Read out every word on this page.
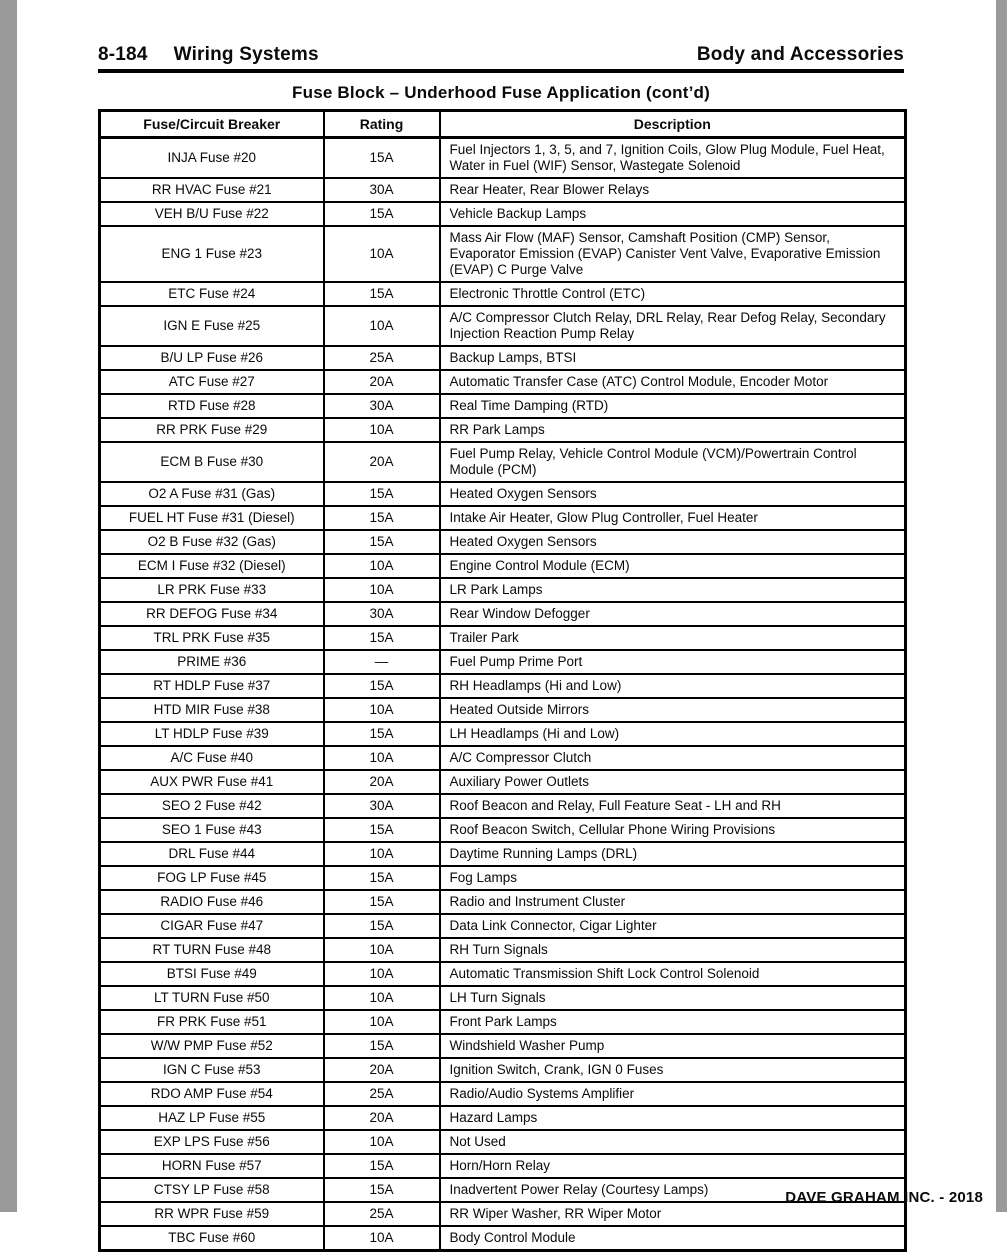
8-184 Wiring Systems	Body and Accessories
Fuse Block – Underhood Fuse Application (cont’d)
Fuse/Circuit Breaker	Rating	Description
INJA Fuse #20	15A	Fuel Injectors 1, 3, 5, and 7, Ignition Coils, Glow Plug Module, Fuel Heat, Water in Fuel (WIF) Sensor, Wastegate Solenoid
RR HVAC Fuse #21	30A	Rear Heater, Rear Blower Relays
VEH B/U Fuse #22	15A	Vehicle Backup Lamps
ENG 1 Fuse #23	10A	Mass Air Flow (MAF) Sensor, Camshaft Position (CMP) Sensor, Evaporator Emission (EVAP) Canister Vent Valve, Evaporative Emission (EVAP) C Purge Valve
ETC Fuse #24	15A	Electronic Throttle Control (ETC)
IGN E Fuse #25	10A	A/C Compressor Clutch Relay, DRL Relay, Rear Defog Relay, Secondary Injection Reaction Pump Relay
B/U LP Fuse #26	25A	Backup Lamps, BTSI
ATC Fuse #27	20A	Automatic Transfer Case (ATC) Control Module, Encoder Motor
RTD Fuse #28	30A	Real Time Damping (RTD)
RR PRK Fuse #29	10A	RR Park Lamps
ECM B Fuse #30	20A	Fuel Pump Relay, Vehicle Control Module (VCM)/Powertrain Control Module (PCM)
O2 A Fuse #31 (Gas)	15A	Heated Oxygen Sensors
FUEL HT Fuse #31 (Diesel)	15A	Intake Air Heater, Glow Plug Controller, Fuel Heater
O2 B Fuse #32 (Gas)	15A	Heated Oxygen Sensors
ECM I Fuse #32 (Diesel)	10A	Engine Control Module (ECM)
LR PRK Fuse #33	10A	LR Park Lamps
RR DEFOG Fuse #34	30A	Rear Window Defogger
TRL PRK Fuse #35	15A	Trailer Park
PRIME #36	—	Fuel Pump Prime Port
RT HDLP Fuse #37	15A	RH Headlamps (Hi and Low)
HTD MIR Fuse #38	10A	Heated Outside Mirrors
LT HDLP Fuse #39	15A	LH Headlamps (Hi and Low)
A/C Fuse #40	10A	A/C Compressor Clutch
AUX PWR Fuse #41	20A	Auxiliary Power Outlets
SEO 2 Fuse #42	30A	Roof Beacon and Relay, Full Feature Seat - LH and RH
SEO 1 Fuse #43	15A	Roof Beacon Switch, Cellular Phone Wiring Provisions
DRL Fuse #44	10A	Daytime Running Lamps (DRL)
FOG LP Fuse #45	15A	Fog Lamps
RADIO Fuse #46	15A	Radio and Instrument Cluster
CIGAR Fuse #47	15A	Data Link Connector, Cigar Lighter
RT TURN Fuse #48	10A	RH Turn Signals
BTSI Fuse #49	10A	Automatic Transmission Shift Lock Control Solenoid
LT TURN Fuse #50	10A	LH Turn Signals
FR PRK Fuse #51	10A	Front Park Lamps
W/W PMP Fuse #52	15A	Windshield Washer Pump
IGN C Fuse #53	20A	Ignition Switch, Crank, IGN 0 Fuses
RDO AMP Fuse #54	25A	Radio/Audio Systems Amplifier
HAZ LP Fuse #55	20A	Hazard Lamps
EXP LPS Fuse #56	10A	Not Used
HORN Fuse #57	15A	Horn/Horn Relay
CTSY LP Fuse #58	15A	Inadvertent Power Relay (Courtesy Lamps)
RR WPR Fuse #59	25A	RR Wiper Washer, RR Wiper Motor
TBC Fuse #60	10A	Body Control Module
DAVE GRAHAM INC. - 2018
